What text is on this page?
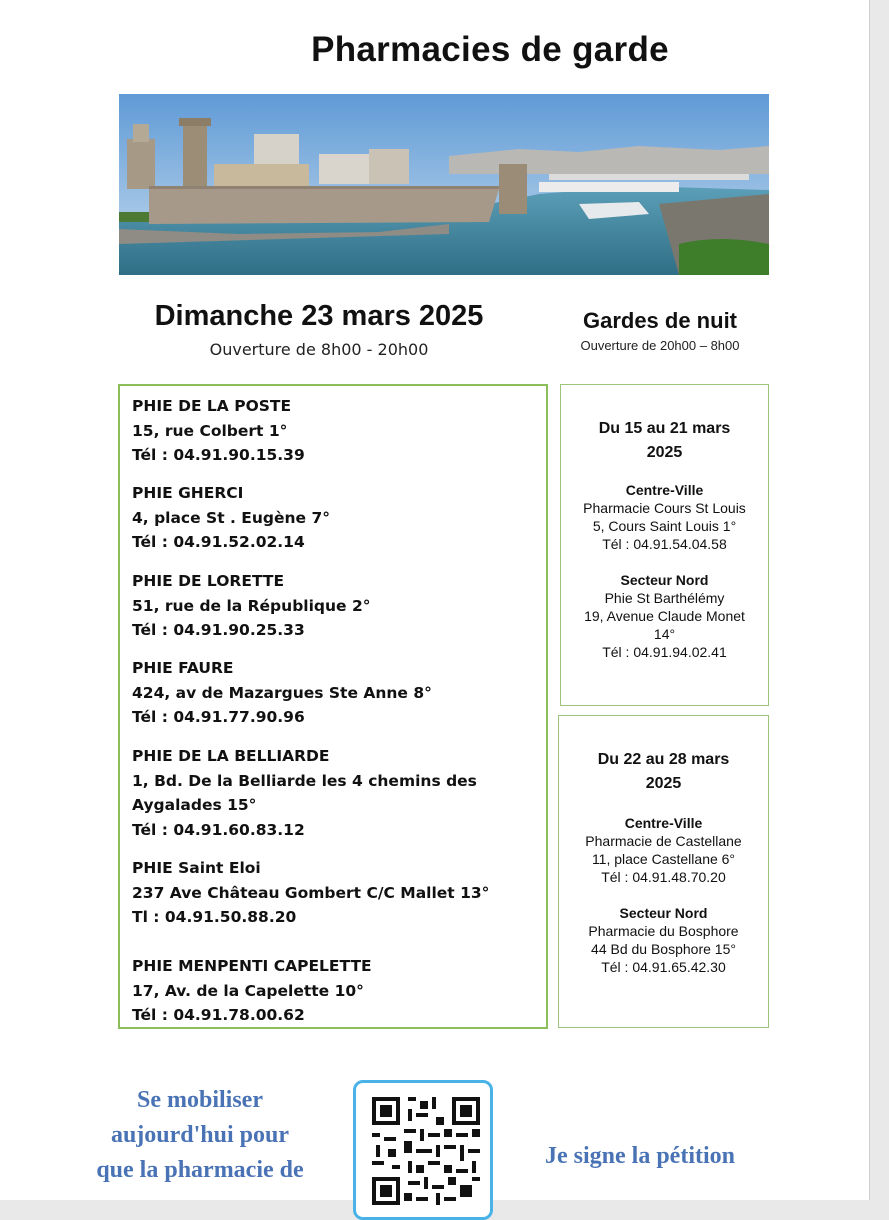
Pharmacies de garde
Dimanche 23 mars 2025
Ouverture de 8h00 - 20h00
Gardes de nuit
Ouverture de 20h00 – 8h00
PHIE DE LA POSTE
15, rue Colbert 1°
Tél : 04.91.90.15.39
PHIE GHERCI
4, place St . Eugène 7°
Tél : 04.91.52.02.14
PHIE DE LORETTE
51, rue de la République 2°
Tél : 04.91.90.25.33
PHIE FAURE
424, av de Mazargues Ste Anne 8°
Tél : 04.91.77.90.96
PHIE DE LA BELLIARDE
1, Bd. De la Belliarde les 4 chemins des
Aygalades 15°
Tél : 04.91.60.83.12
PHIE Saint Eloi
237 Ave Château Gombert C/C Mallet 13°
Tl : 04.91.50.88.20
PHIE MENPENTI CAPELETTE
17, Av. de la Capelette 10°
Tél : 04.91.78.00.62
Du 15 au 21 mars
2025
Centre-Ville
Pharmacie Cours St Louis
5, Cours Saint Louis 1°
Tél : 04.91.54.04.58
Secteur Nord
Phie St Barthélémy
19, Avenue Claude Monet
14°
Tél : 04.91.94.02.41
Du 22 au 28 mars
2025
Centre-Ville
Pharmacie de Castellane
11, place Castellane 6°
Tél : 04.91.48.70.20
Secteur Nord
Pharmacie du Bosphore
44 Bd du Bosphore 15°
Tél : 04.91.65.42.30
Se mobiliser
aujourd'hui pour
que la pharmacie de
Je signe la pétition
